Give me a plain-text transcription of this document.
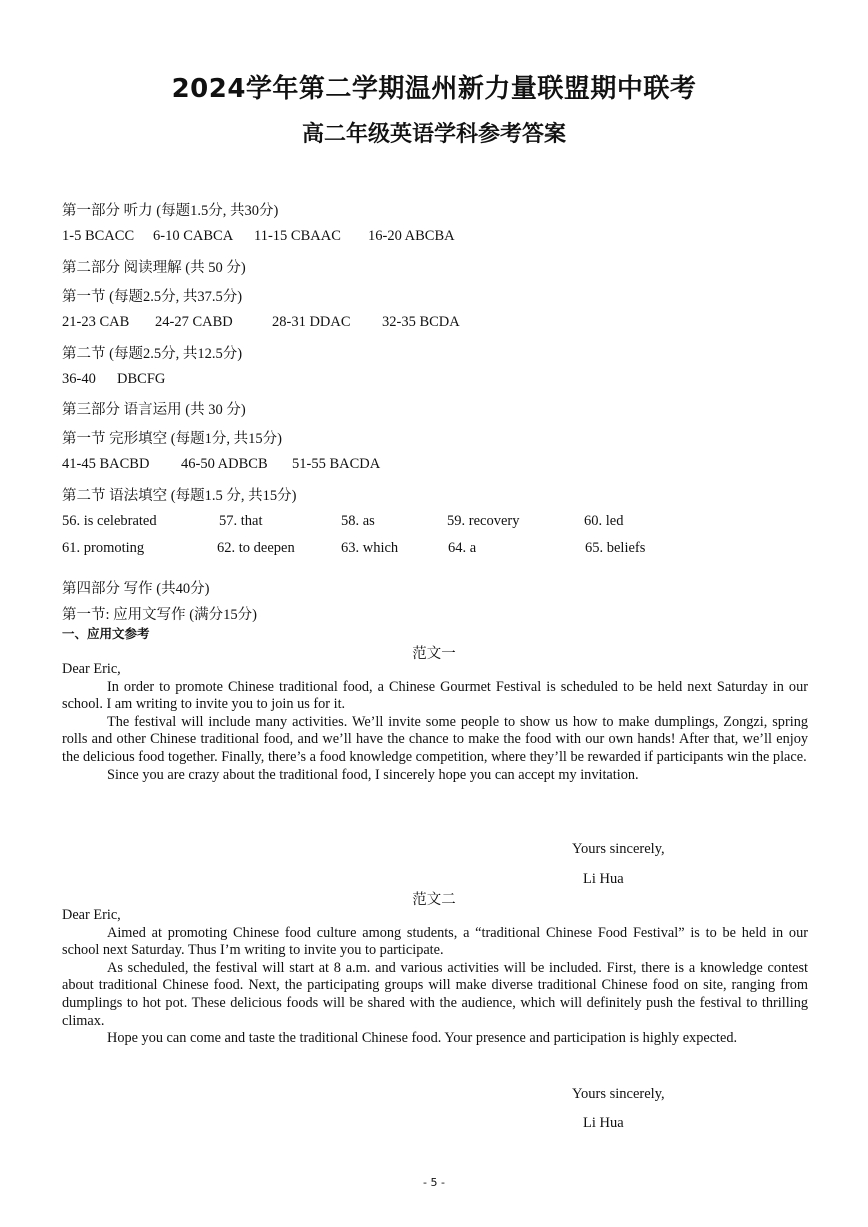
2024学年第二学期温州新力量联盟期中联考
高二年级英语学科参考答案
第一部分 听力 (每题1.5分, 共30分)
1-5 BCACC 6-10 CABCA 11-15 CBAAC 16-20 ABCBA
第二部分 阅读理解 (共 50 分)
第一节 (每题2.5分, 共37.5分)
21-23 CAB 24-27 CABD	28-31 DDAC 32-35 BCDA
第二节 (每题2.5分, 共12.5分)
36-40 DBCFG
第三部分 语言运用 (共 30 分)
第一节 完形填空 (每题1分, 共15分)
41-45 BACBD 46-50 ADBCB 51-55 BACDA
第二节 语法填空 (每题1.5 分, 共15分)
56. is celebrated	57. that	58. as	59. recovery	60. led
61. promoting	62. to deepen	63. which	64. a	65. beliefs
第四部分 写作 (共40分)
第一节: 应用文写作 (满分15分)
一、应用文参考
范文一

Dear Eric,

In order to promote Chinese traditional food, a Chinese Gourmet Festival is scheduled to be held next Saturday in our school. I am writing to invite you to join us for it.

The festival will include many activities. We’ll invite some people to show us how to make dumplings, Zongzi, spring rolls and other Chinese traditional food, and we’ll have the chance to make the food with our own hands! After that, we’ll enjoy the delicious food together. Finally, there’s a food knowledge competition, where they’ll be rewarded if participants win the place.

Since you are crazy about the traditional food, I sincerely hope you can accept my invitation.

Yours sincerely,
Li Hua
范文二

Dear Eric,

Aimed at promoting Chinese food culture among students, a “traditional Chinese Food Festival” is to be held in our school next Saturday. Thus I’m writing to invite you to participate.

As scheduled, the festival will start at 8 a.m. and various activities will be included. First, there is a knowledge contest about traditional Chinese food. Next, the participating groups will make diverse traditional Chinese food on site, ranging from dumplings to hot pot. These delicious foods will be shared with the audience, which will definitely push the festival to thrilling climax.

Hope you can come and taste the traditional Chinese food. Your presence and participation is highly expected.

Yours sincerely,
Li Hua
- 5 -
